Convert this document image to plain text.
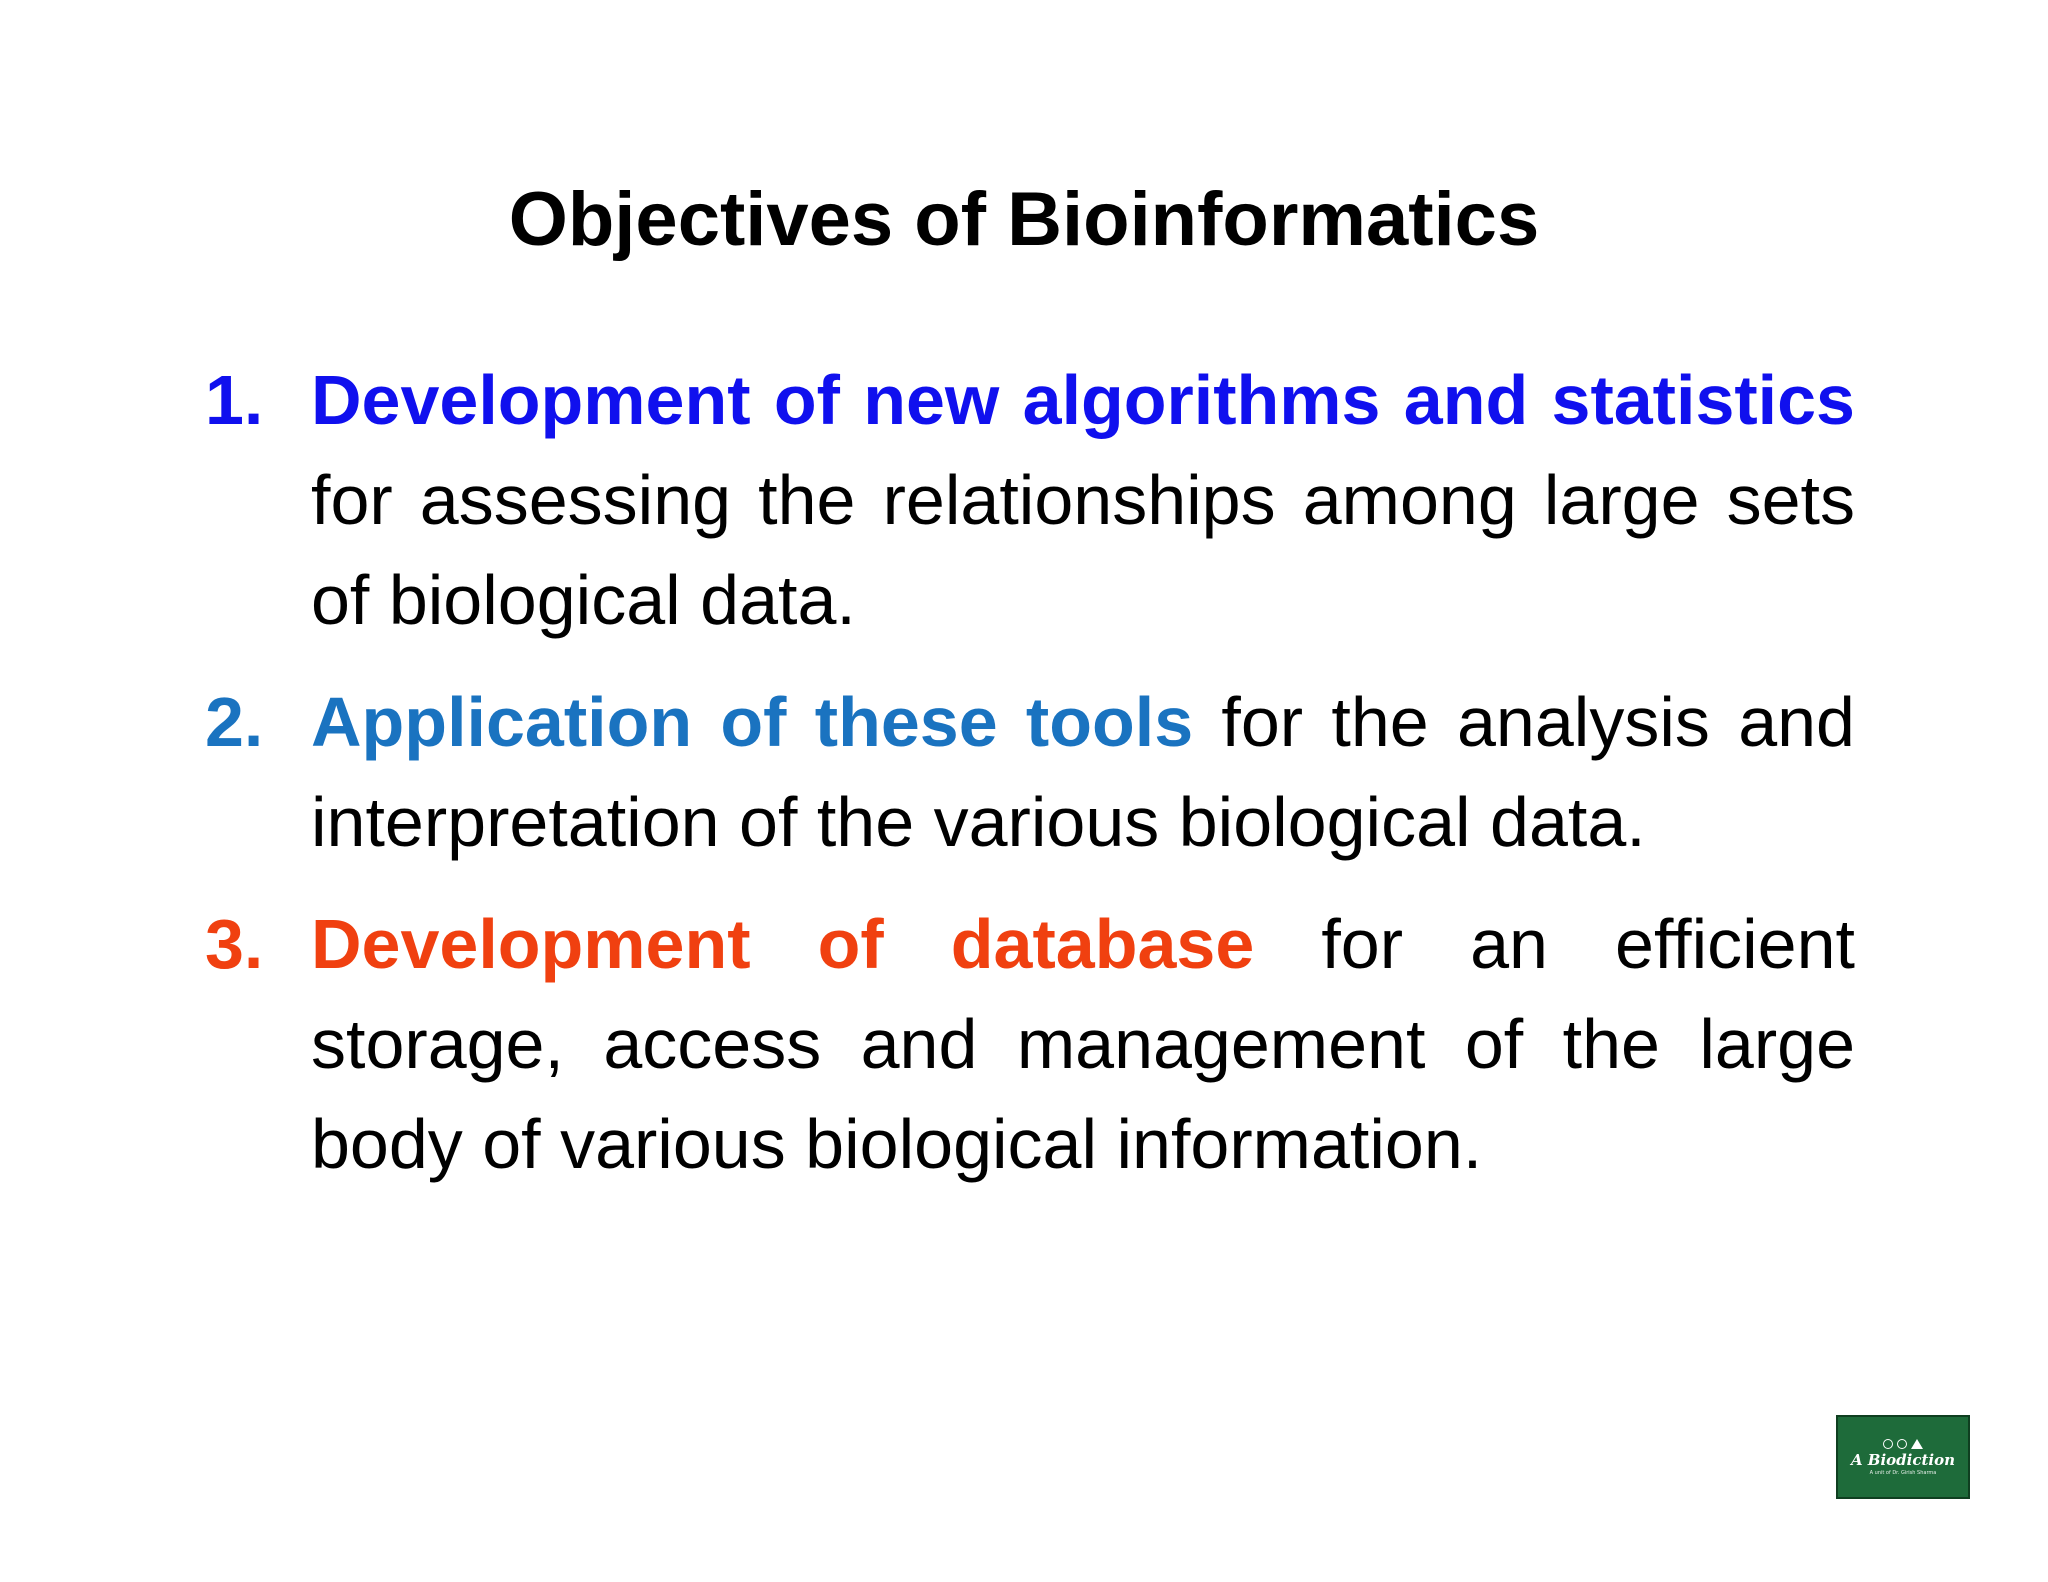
Objectives of Bioinformatics
1. Development of new algorithms and statistics for assessing the relationships among large sets of biological data.
2. Application of these tools for the analysis and interpretation of the various biological data.
3. Development of database for an efficient storage, access and management of the large body of various biological information.
A Biodiction
A unit of Dr. Girish Sharma
